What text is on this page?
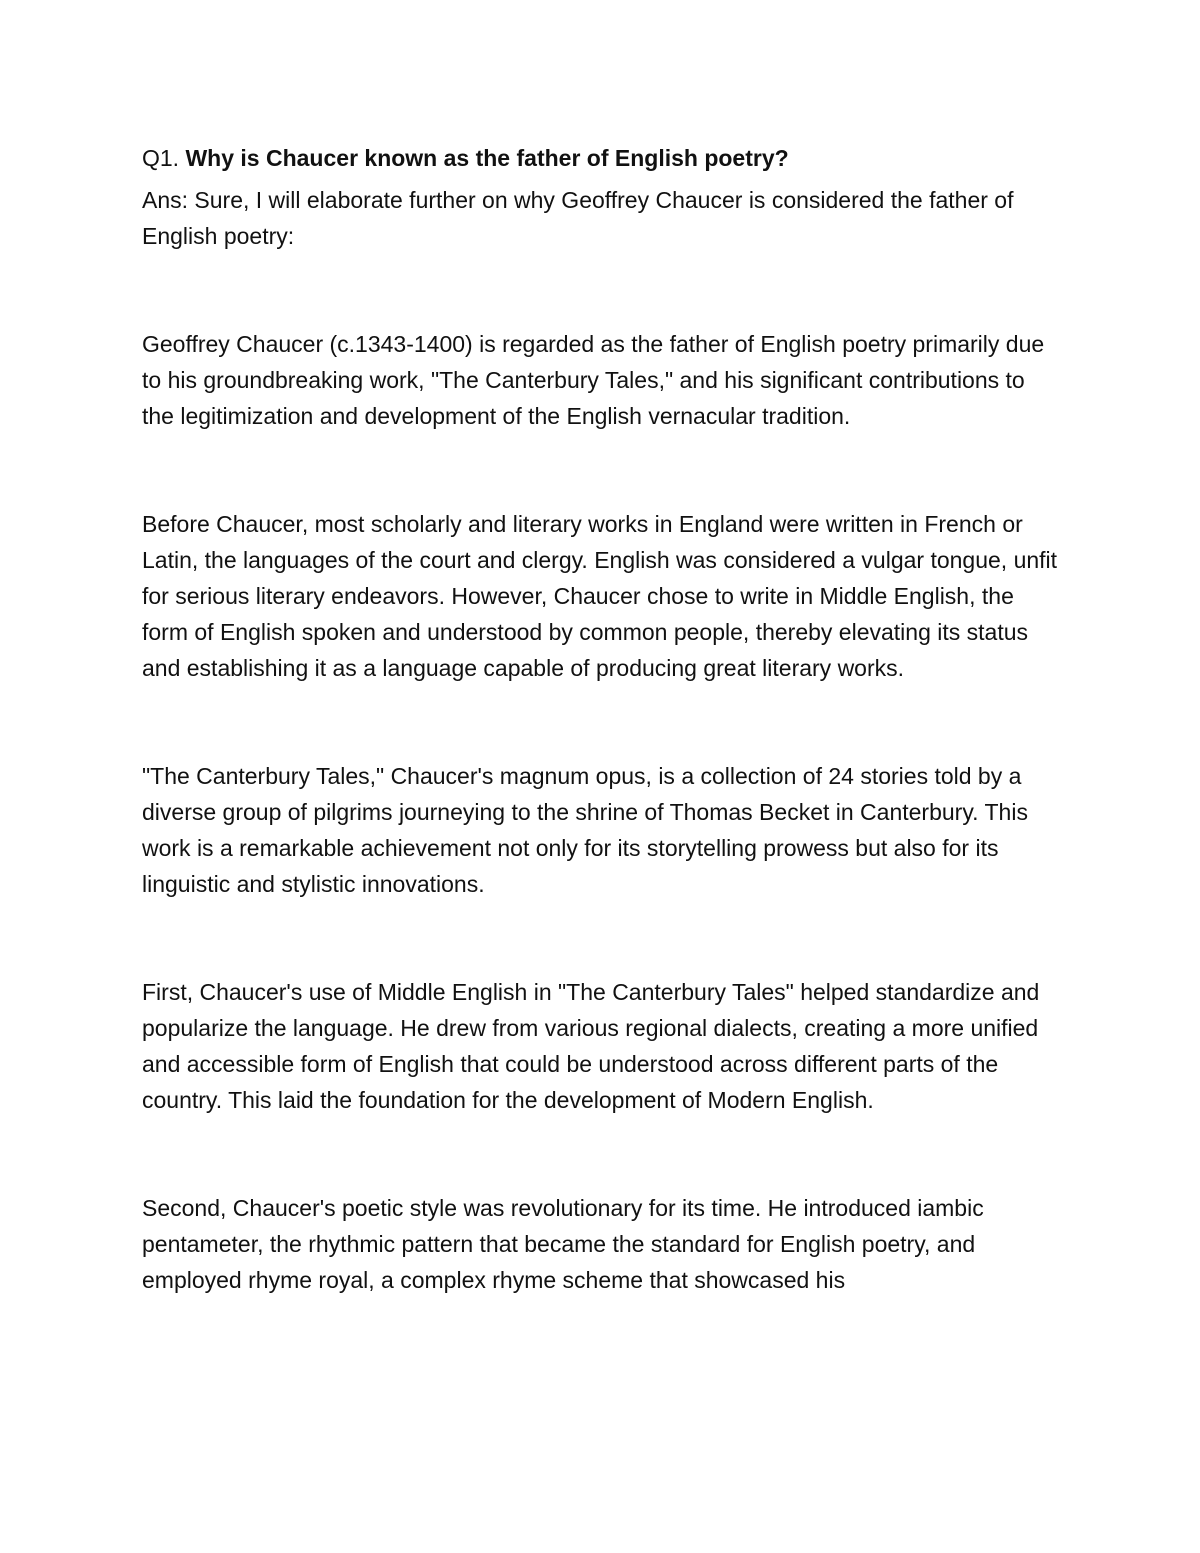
Q1. Why is Chaucer known as the father of English poetry?

Ans: Sure, I will elaborate further on why Geoffrey Chaucer is considered the father of English poetry:

Geoffrey Chaucer (c.1343-1400) is regarded as the father of English poetry primarily due to his groundbreaking work, "The Canterbury Tales," and his significant contributions to the legitimization and development of the English vernacular tradition.

Before Chaucer, most scholarly and literary works in England were written in French or Latin, the languages of the court and clergy. English was considered a vulgar tongue, unfit for serious literary endeavors. However, Chaucer chose to write in Middle English, the form of English spoken and understood by common people, thereby elevating its status and establishing it as a language capable of producing great literary works.

"The Canterbury Tales," Chaucer's magnum opus, is a collection of 24 stories told by a diverse group of pilgrims journeying to the shrine of Thomas Becket in Canterbury. This work is a remarkable achievement not only for its storytelling prowess but also for its linguistic and stylistic innovations.

First, Chaucer's use of Middle English in "The Canterbury Tales" helped standardize and popularize the language. He drew from various regional dialects, creating a more unified and accessible form of English that could be understood across different parts of the country. This laid the foundation for the development of Modern English.

Second, Chaucer's poetic style was revolutionary for its time. He introduced iambic pentameter, the rhythmic pattern that became the standard for English poetry, and employed rhyme royal, a complex rhyme scheme that showcased his
